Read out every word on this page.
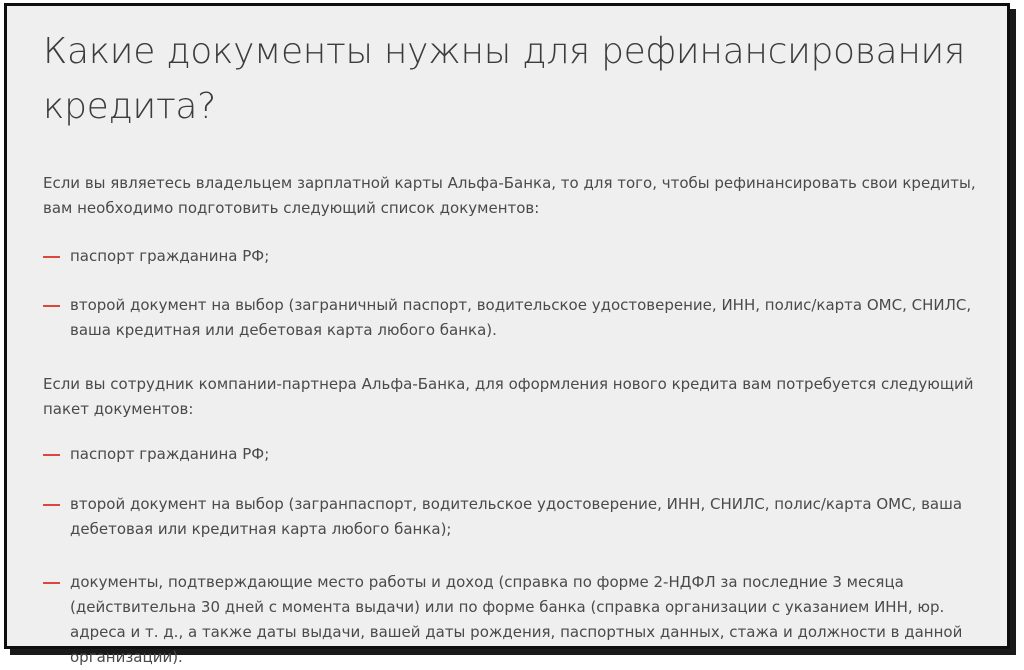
Какие документы нужны для рефинансирования кредита?

Если вы являетесь владельцем зарплатной карты Альфа-Банка, то для того, чтобы рефинансировать свои кредиты, вам необходимо подготовить следующий список документов:

паспорт гражданина РФ;
второй документ на выбор (заграничный паспорт, водительское удостоверение, ИНН, полис/карта ОМС, СНИЛС, ваша кредитная или дебетовая карта любого банка).

Если вы сотрудник компании-партнера Альфа-Банка, для оформления нового кредита вам потребуется следующий пакет документов:

паспорт гражданина РФ;
второй документ на выбор (загранпаспорт, водительское удостоверение, ИНН, СНИЛС, полис/карта ОМС, ваша дебетовая или кредитная карта любого банка);
документы, подтверждающие место работы и доход (справка по форме 2-НДФЛ за последние 3 месяца (действительна 30 дней с момента выдачи) или по форме банка (справка организации с указанием ИНН, юр. адреса и т. д., а также даты выдачи, вашей даты рождения, паспортных данных, стажа и должности в данной организации).
